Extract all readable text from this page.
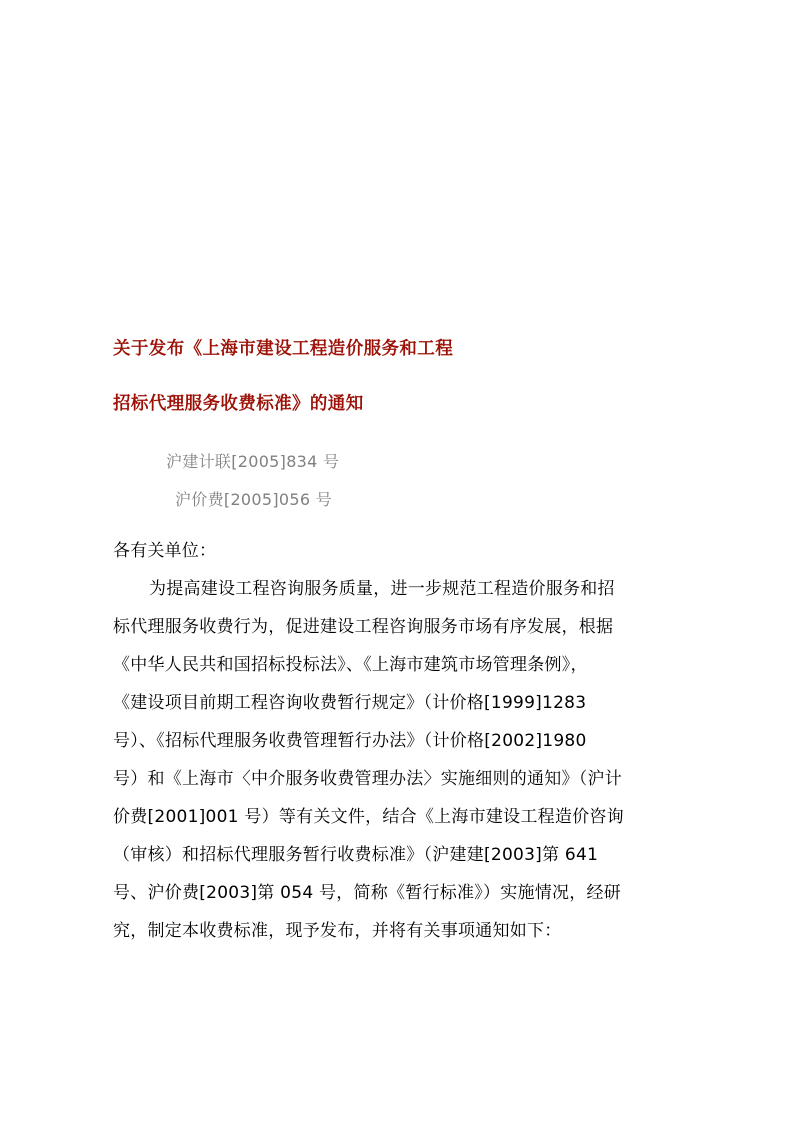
关于发布《上海市建设工程造价服务和工程
招标代理服务收费标准》的通知
沪建计联[2005]834 号
沪价费[2005]056 号
各有关单位：
为提高建设工程咨询服务质量，进一步规范工程造价服务和招
标代理服务收费行为，促进建设工程咨询服务市场有序发展，根据
《中华人民共和国招标投标法》、《上海市建筑市场管理条例》，
《建设项目前期工程咨询收费暂行规定》（计价格[1999]1283
号）、《招标代理服务收费管理暂行办法》（计价格[2002]1980
号）和《上海市〈中介服务收费管理办法〉实施细则的通知》（沪计
价费[2001]001 号）等有关文件，结合《上海市建设工程造价咨询
（审核）和招标代理服务暂行收费标准》（沪建建[2003]第 641
号、沪价费[2003]第 054 号，简称《暂行标准》）实施情况，经研
究，制定本收费标准，现予发布，并将有关事项通知如下：
